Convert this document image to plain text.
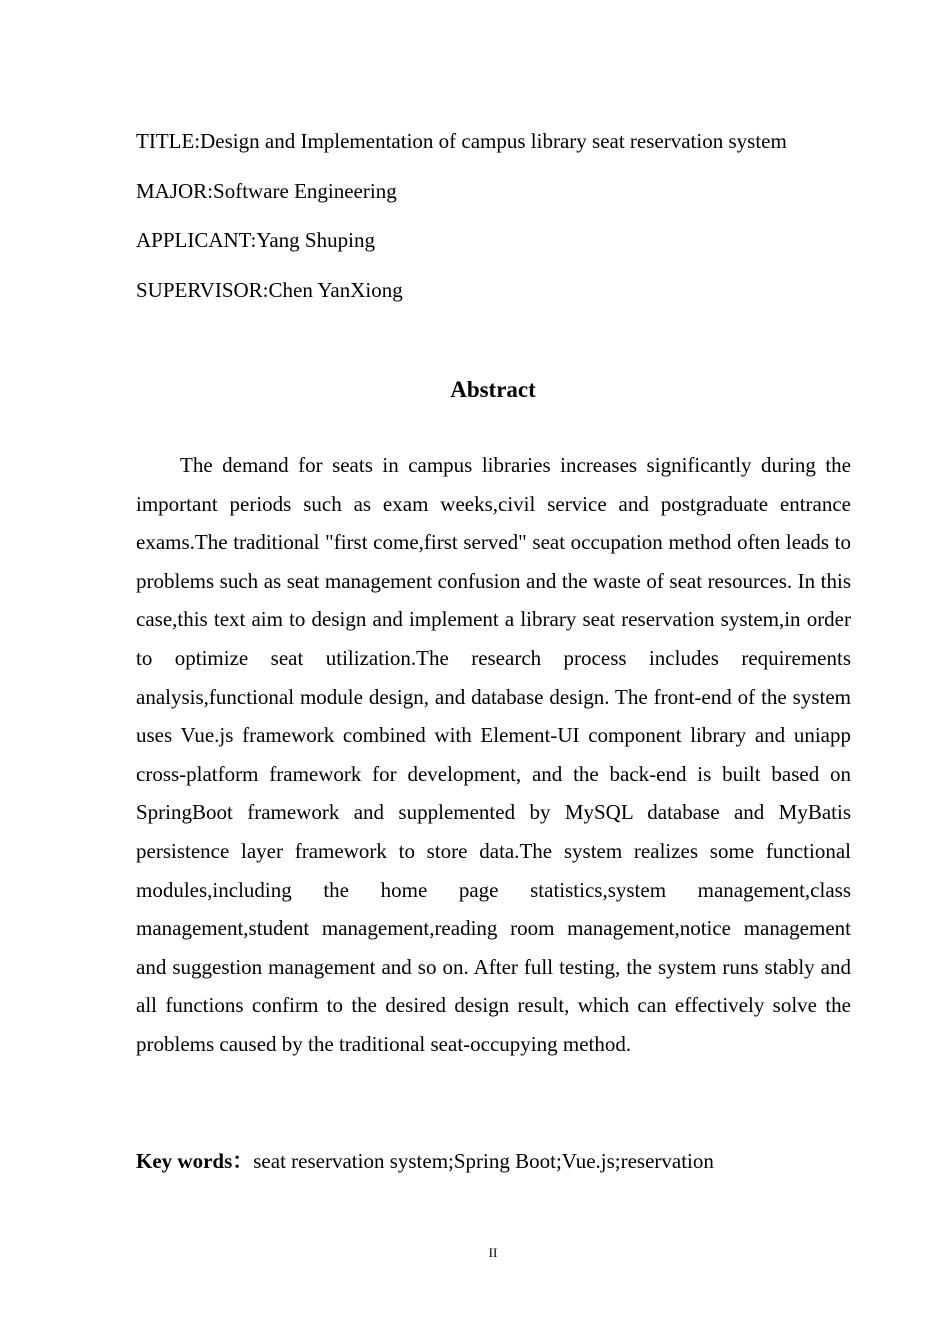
TITLE:Design and Implementation of campus library seat reservation system
MAJOR:Software Engineering
APPLICANT:Yang Shuping
SUPERVISOR:Chen YanXiong
Abstract

The demand for seats in campus libraries increases significantly during the important periods such as exam weeks,civil service and postgraduate entrance exams.The traditional "first come,first served" seat occupation method often leads to problems such as seat management confusion and the waste of seat resources. In this case,this text aim to design and implement a library seat reservation system,in order to optimize seat utilization.The research process includes requirements analysis,functional module design, and database design. The front-end of the system uses Vue.js framework combined with Element-UI component library and uniapp cross-platform framework for development, and the back-end is built based on SpringBoot framework and supplemented by MySQL database and MyBatis persistence layer framework to store data.The system realizes some functional modules,including the home page statistics,system management,class management,student management,reading room management,notice management and suggestion management and so on. After full testing, the system runs stably and all functions confirm to the desired design result, which can effectively solve the problems caused by the traditional seat-occupying method.

Key words：seat reservation system;Spring Boot;Vue.js;reservation
II
